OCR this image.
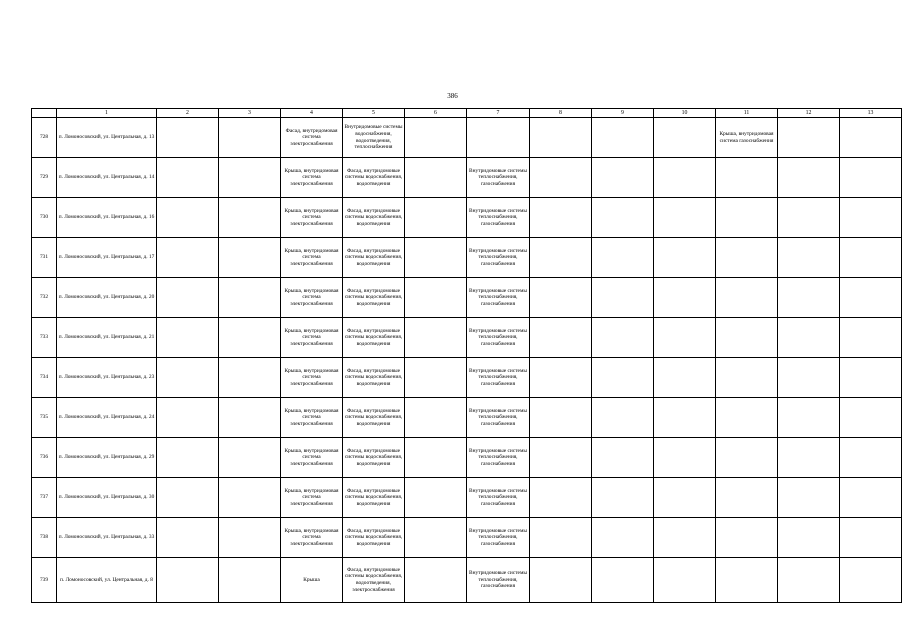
386
	1	2	3	4	5	6	7	8	9	10	11	12	13

728	п. Ломоносовский, ул. Центральная, д. 13			Фасад, внутридомовая система электроснабжения	Внутридомовые системы водоснабжения, водоотведения, теплоснабжения						Крыша, внутридомовая система газоснабжения		

729	п. Ломоносовский, ул. Центральная, д. 14			Крыша, внутридомовая система электроснабжения	Фасад, внутридомовые системы водоснабжения, водоотведения		Внутридомовые системы теплоснабжения, газоснабжения						

730	п. Ломоносовский, ул. Центральная, д. 16			Крыша, внутридомовая система электроснабжения	Фасад, внутридомовые системы водоснабжения, водоотведения		Внутридомовые системы теплоснабжения, газоснабжения						

731	п. Ломоносовский, ул. Центральная, д. 17			Крыша, внутридомовая система электроснабжения	Фасад, внутридомовые системы водоснабжения, водоотведения		Внутридомовые системы теплоснабжения, газоснабжения						

732	п. Ломоносовский, ул. Центральная, д. 20			Крыша, внутридомовая система электроснабжения	Фасад, внутридомовые системы водоснабжения, водоотведения		Внутридомовые системы теплоснабжения, газоснабжения						

733	п. Ломоносовский, ул. Центральная, д. 21			Крыша, внутридомовая система электроснабжения	Фасад, внутридомовые системы водоснабжения, водоотведения		Внутридомовые системы теплоснабжения, газоснабжения						

734	п. Ломоносовский, ул. Центральная, д. 23			Крыша, внутридомовая система электроснабжения	Фасад, внутридомовые системы водоснабжения, водоотведения		Внутридомовые системы теплоснабжения, газоснабжения						

735	п. Ломоносовский, ул. Центральная, д. 24			Крыша, внутридомовая система электроснабжения	Фасад, внутридомовые системы водоснабжения, водоотведения		Внутридомовые системы теплоснабжения, газоснабжения						

736	п. Ломоносовский, ул. Центральная, д. 29			Крыша, внутридомовая система электроснабжения	Фасад, внутридомовые системы водоснабжения, водоотведения		Внутридомовые системы теплоснабжения, газоснабжения						

737	п. Ломоносовский, ул. Центральная, д. 30			Крыша, внутридомовая система электроснабжения	Фасад, внутридомовые системы водоснабжения, водоотведения		Внутридомовые системы теплоснабжения, газоснабжения						

738	п. Ломоносовский, ул. Центральная, д. 33			Крыша, внутридомовая система электроснабжения	Фасад, внутридомовые системы водоснабжения, водоотведения		Внутридомовые системы теплоснабжения, газоснабжения						

739	п. Ломоносовский, ул. Центральная, д. 8			Крыша	Фасад, внутридомовые системы водоснабжения, водоотведения, электроснабжения		Внутридомовые системы теплоснабжения, газоснабжения						
